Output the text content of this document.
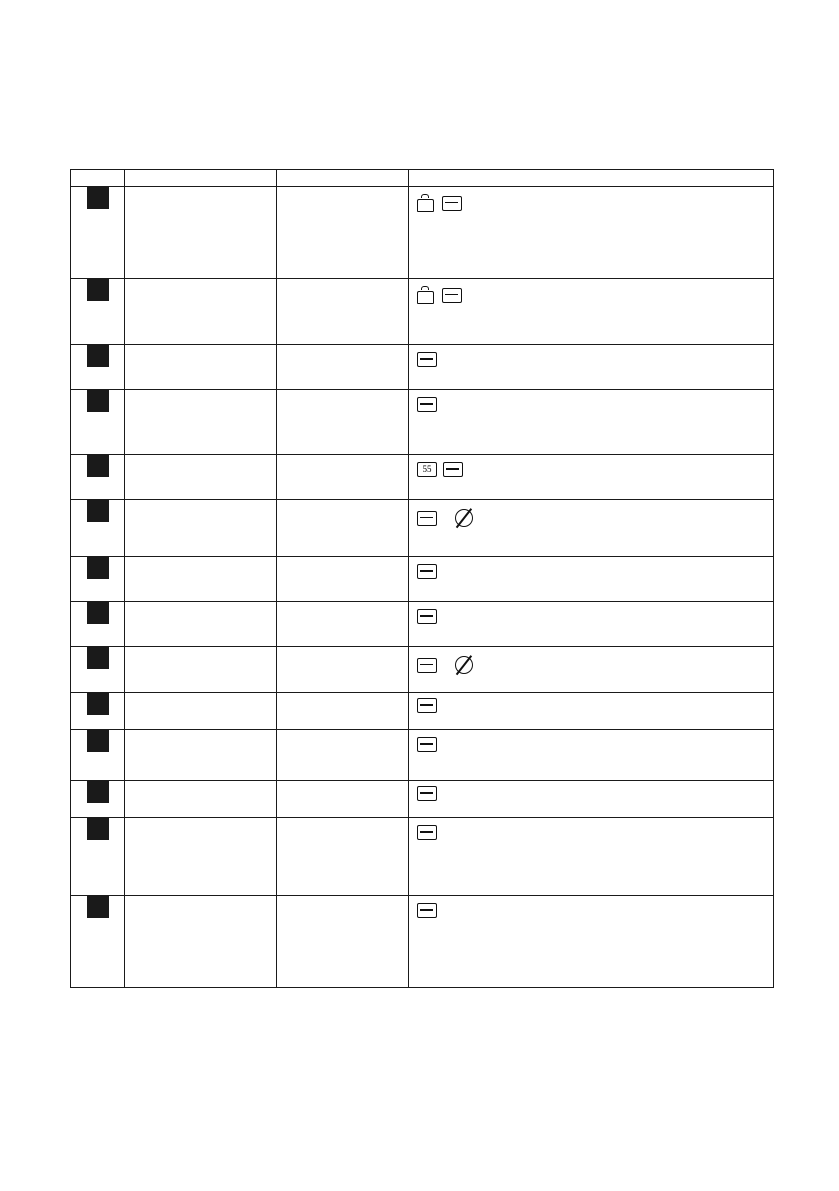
			55
